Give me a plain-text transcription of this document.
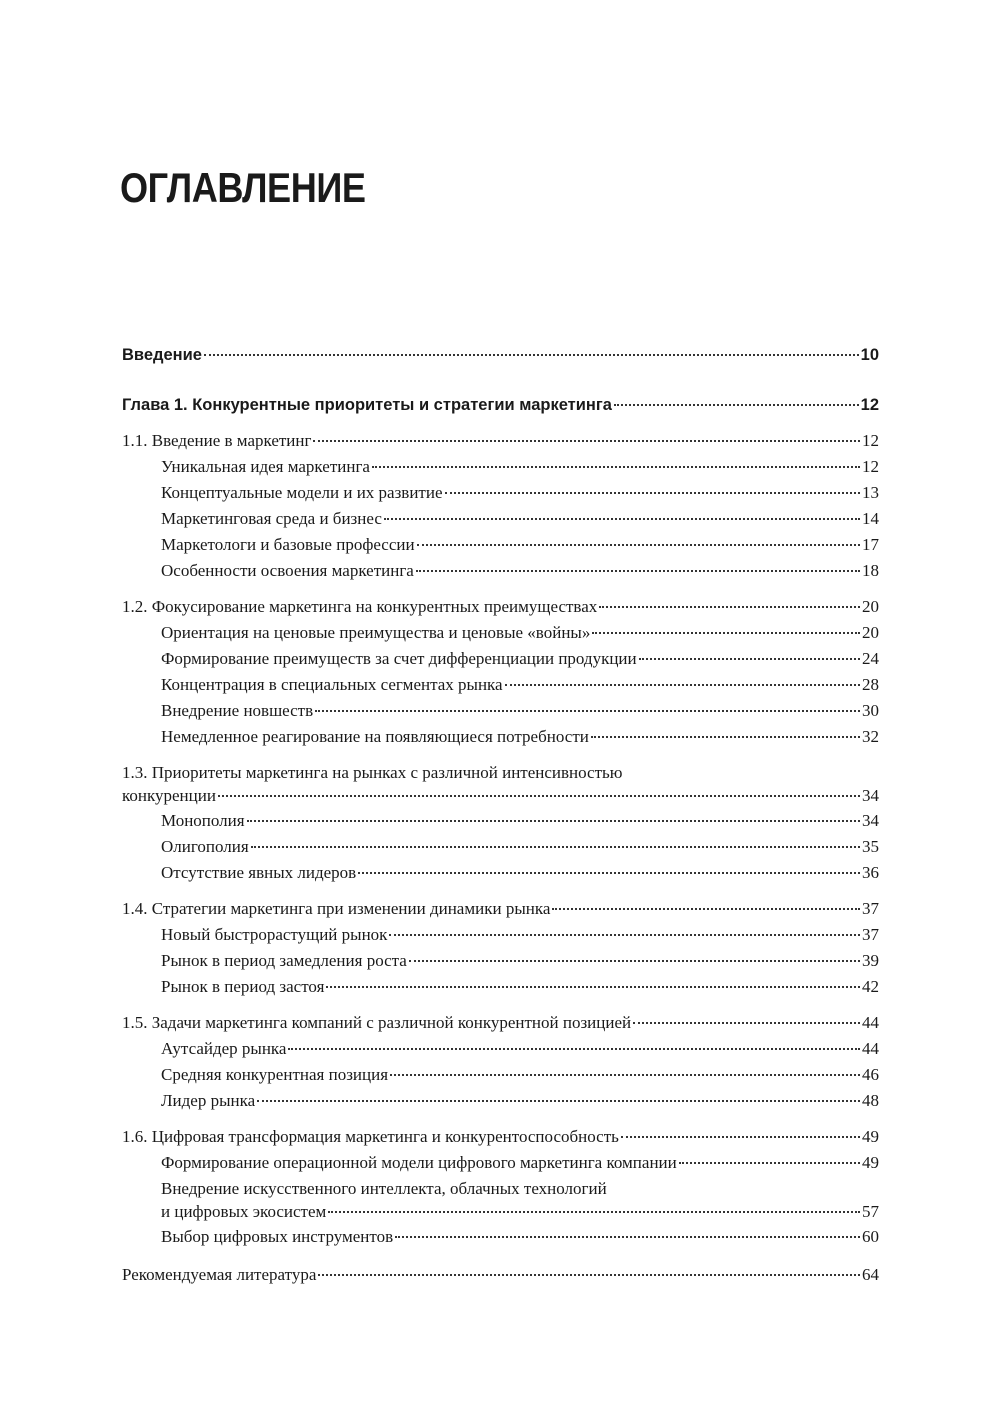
ОГЛАВЛЕНИЕ
Введение	10
Глава 1. Конкурентные приоритеты и стратегии маркетинга	12
1.1. Введение в маркетинг	12
Уникальная идея маркетинга	12
Концептуальные модели и их развитие	13
Маркетинговая среда и бизнес	14
Маркетологи и базовые профессии	17
Особенности освоения маркетинга	18
1.2. Фокусирование маркетинга на конкурентных преимуществах	20
Ориентация на ценовые преимущества и ценовые «войны»	20
Формирование преимуществ за счет дифференциации продукции	24
Концентрация в специальных сегментах рынка	28
Внедрение новшеств	30
Немедленное реагирование на появляющиеся потребности	32
1.3. Приоритеты маркетинга на рынках с различной интенсивностью
конкуренции	34
Монополия	34
Олигополия	35
Отсутствие явных лидеров	36
1.4. Стратегии маркетинга при изменении динамики рынка	37
Новый быстрорастущий рынок	37
Рынок в период замедления роста	39
Рынок в период застоя	42
1.5. Задачи маркетинга компаний с различной конкурентной позицией	44
Аутсайдер рынка	44
Средняя конкурентная позиция	46
Лидер рынка	48
1.6. Цифровая трансформация маркетинга и конкурентоспособность	49
Формирование операционной модели цифрового маркетинга компании	49
Внедрение искусственного интеллекта, облачных технологий
и цифровых экосистем	57
Выбор цифровых инструментов	60
Рекомендуемая литература	64
